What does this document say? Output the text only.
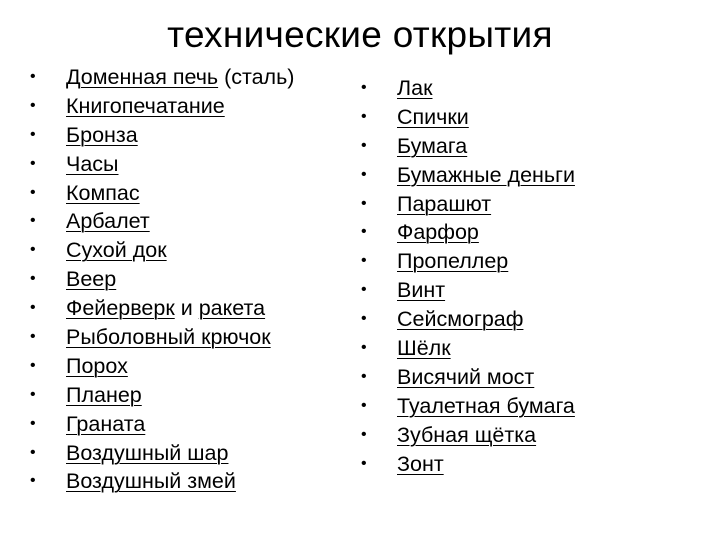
технические открытия
• Доменная печь (сталь)
• Книгопечатание
• Бронза
• Часы
• Компас
• Арбалет
• Сухой док
• Веер
• Фейерверк и ракета
• Рыболовный крючок
• Порох
• Планер
• Граната
• Воздушный шар
• Воздушный змей
• Лак
• Спички
• Бумага
• Бумажные деньги
• Парашют
• Фарфор
• Пропеллер
• Винт
• Сейсмограф
• Шёлк
• Висячий мост
• Туалетная бумага
• Зубная щётка
• Зонт
